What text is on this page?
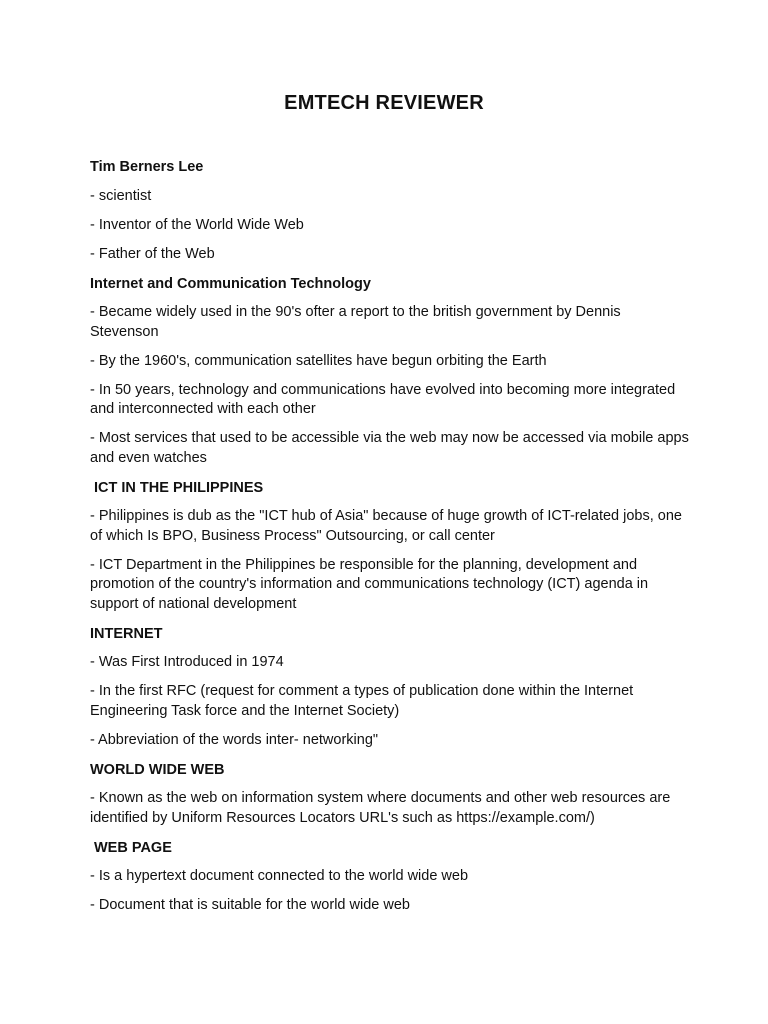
EMTECH REVIEWER
Tim Berners Lee
- scientist
- Inventor of the World Wide Web
- Father of the Web
Internet and Communication Technology
- Became widely used in the 90's ofter a report to the british government by Dennis Stevenson
- By the 1960's, communication satellites have begun orbiting the Earth
- In 50 years, technology and communications have evolved into becoming more integrated and interconnected with each other
- Most services that used to be accessible via the web may now be accessed via mobile apps and even watches
ICT IN THE PHILIPPINES
- Philippines is dub as the "ICT hub of Asia" because of huge growth of ICT-related jobs, one of which Is BPO, Business Process" Outsourcing, or call center
- ICT Department in the Philippines be responsible for the planning, development and promotion of the country's information and communications technology (ICT) agenda in support of national development
INTERNET
- Was First Introduced in 1974
- In the first RFC (request for comment a types of publication done within the Internet Engineering Task force and the Internet Society)
- Abbreviation of the words inter- networking"
WORLD WIDE WEB
- Known as the web on information system where documents and other web resources are identified by Uniform Resources Locators URL's such as https://example.com/)
WEB PAGE
- Is a hypertext document connected to the world wide web
- Document that is suitable for the world wide web
